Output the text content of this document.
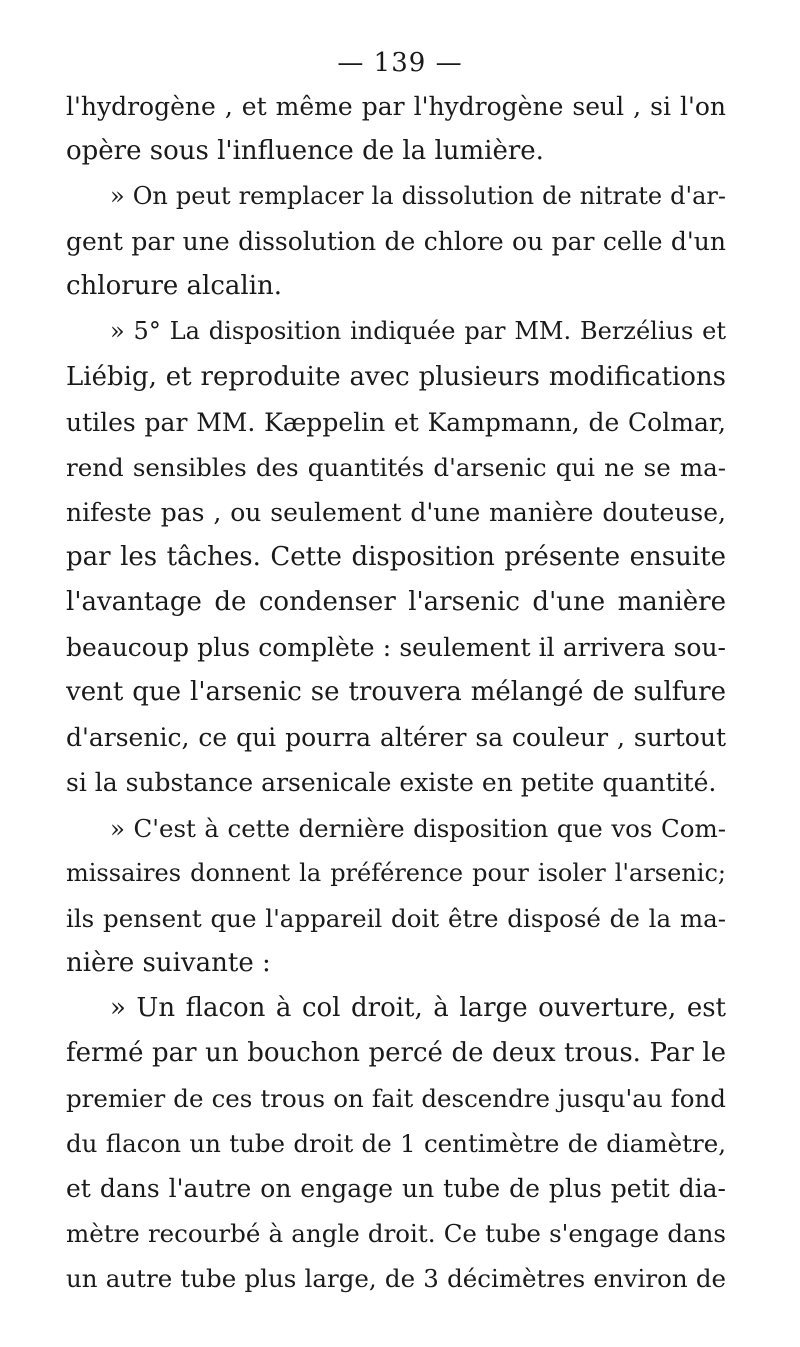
— 139 —
l'hydrogène , et même par l'hydrogène seul , si l'on
opère sous l'influence de la lumière.
» On peut remplacer la dissolution de nitrate d'ar-
gent par une dissolution de chlore ou par celle d'un
chlorure alcalin.
» 5° La disposition indiquée par MM. Berzélius et
Liébig, et reproduite avec plusieurs modifications
utiles par MM. Kæppelin et Kampmann, de Colmar,
rend sensibles des quantités d'arsenic qui ne se ma-
nifeste pas , ou seulement d'une manière douteuse,
par les tâches. Cette disposition présente ensuite
l'avantage de condenser l'arsenic d'une manière
beaucoup plus complète : seulement il arrivera sou-
vent que l'arsenic se trouvera mélangé de sulfure
d'arsenic, ce qui pourra altérer sa couleur , surtout
si la substance arsenicale existe en petite quantité.
» C'est à cette dernière disposition que vos Com-
missaires donnent la préférence pour isoler l'arsenic;
ils pensent que l'appareil doit être disposé de la ma-
nière suivante :
» Un flacon à col droit, à large ouverture, est
fermé par un bouchon percé de deux trous. Par le
premier de ces trous on fait descendre jusqu'au fond
du flacon un tube droit de 1 centimètre de diamètre,
et dans l'autre on engage un tube de plus petit dia-
mètre recourbé à angle droit. Ce tube s'engage dans
un autre tube plus large, de 3 décimètres environ de
